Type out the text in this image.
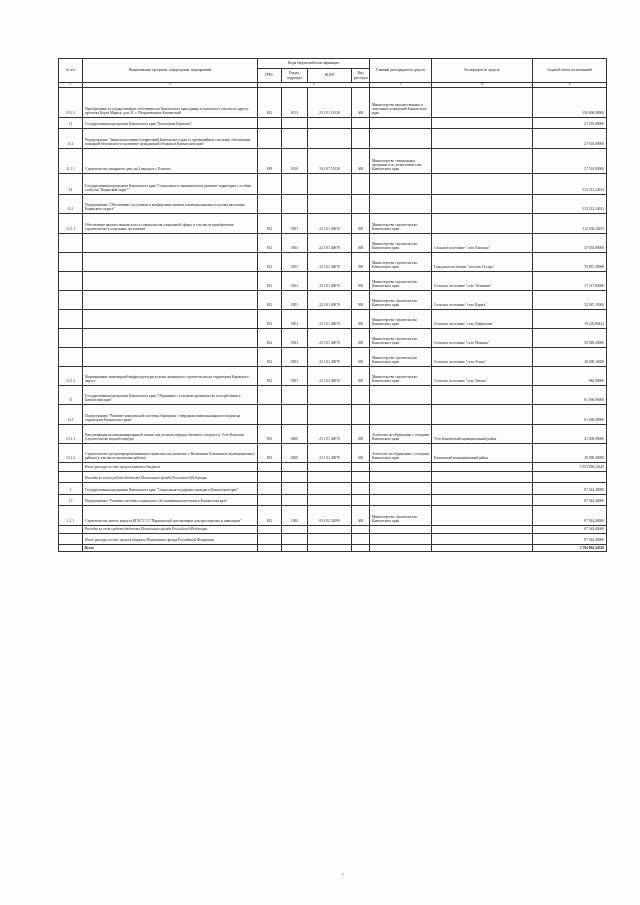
№ п/п.	Наименование программ, подпрограмм, мероприятий	Коды бюджетной классификации				Главный распорядитель средств	Распорядитель средств	Годовой объем ассигнований
		ГРБС	Раздел, подраздел	КЦСР	Вид расходов			
1	2	3				7	8	9
10.1.3	Приобретение в государственную собственность Камчатского края здания и земельного участка по адресу: проспект Карла Маркса, дом 31, г. Петропавловск-Камчатский	812	0113	23 1 01 10130	400	Министерство имущественных и земельных отношений Камчатского края		150 000,00000
11	Государственная программа Камчатского края "Безопасная Камчатка"							27 510,09000
11.1	Подпрограмма "Защита населения и территорий Камчатского края от чрезвычайных ситуаций, обеспечение пожарной безопасности и развитие гражданской обороны в Камчатском крае"							27 510,09000
11.1.1	Строительство пожарного депо на 2 выезда в г. Елизово	819	0310	16 2 07 10130	400	Министерство специальных программ и по делам казачества Камчатского края		27 510,09000
12	Государственная программа Камчатского края "Социальное и экономическое развитие территории с особым статусом "Корякский округ""							315 312,14012
12.1	Подпрограмма "Обеспечение доступным и комфортным жильем и коммунальными услугами населения Корякского округа"							315 312,14012
12.1.1	Обеспечение жильем эконом-класса специалистов социальной сферы, в том числе приобретение, строительство в отдельных поселениях	812	0501	22 3 01 40070	500	Министерство строительства Камчатского края		312 306,24013
		812	0501	22 3 01 40070	500	Министерство строительства Камчатского края	Сельское поселение "село Хаилино"	47 292,80000
		812	0501	22 3 01 40070	500	Министерство строительства Камчатского края	Городское поселение "поселок Оссора"	76 857,20000
		812	0501	22 3 01 40070	500	Министерство строительства Камчатского края	Сельское поселение "село Тиличики"	17 217,83000
		812	0501	22 3 01 40070	500	Министерство строительства Камчатского края	Сельское поселение "село Карага"	52 567,15000
		812	0501	22 3 01 40070	500	Министерство строительства Камчатского края	Сельское поселение "село Хайрюзово"	19 120,80412
		812	0501	22 3 01 40070	500	Министерство строительства Камчатского края	Сельское поселение "село Манилы"	50 840,29000
		812	0501	22 3 01 40070	500	Министерство строительства Камчатского края	Сельское поселение "село Апука"	28 490,16600
12.1.2	Формирование инженерной инфраструктуры в целях жилищного строительства на территории Корякского округа	812	0501	22 3 02 40070	500	Министерство строительства Камчатского края	Сельское поселение "село Тигиль"	682,90000
13	Государственная программа Камчатского края "Обращение с отходами производства и потребления в Камчатском крае"							61 000,00000
13.1	Подпрограмма "Развитие комплексной системы обращения с твердыми коммунальными отходами на территории Камчатского края"							61 000,00000
13.1.1	Рекультивация несанкционированной свалки под полигон твердых бытовых отходов в п. Усть-Камчатск (строительство второй очереди)	855	0605	23 1 01 40070	500	Агентство по обращению с отходами Камчатского края	Усть-Камчатский муниципальный район	41 000,00000
13.1.2	Строительство мусороперерабатывающего комплекса на полигоне г. Вилючинск Елизовского муниципального района (в том числе проектные работы)	855	0605	23 1 01 40070	500	Агентство по обращению с отходами Камчатского края	Елизовский муниципальный район	20 000,00000
	Итого расходы за счет средств краевого бюджета							5 553 856,34320
	Расходы за счет средств бюджета Пенсионного фонда Российской Федерации							
1	Государственная программа Камчатского края "Социальная поддержка граждан в Камчатском крае"							87 344,40000
1.1	Подпрограмма "Развитие системы социального обслуживания населения в Камчатском крае"							87 344,40000
1.1.1	Строительство нового корпуса КГАСУ СЗ "Паратунский дом-интернат для престарелых и инвалидов"	812	1002	03 4 02 52090	400	Министерство строительства Камчатского края		87 344,40000
	Расходы за счет средств бюджета Пенсионного фонда Российской Федерации							87 344,40000
	Итого расходы за счет средств бюджета Пенсионного фонда Российской Федерации							87 344,40000
	Всего							5 794 002,34320
r
